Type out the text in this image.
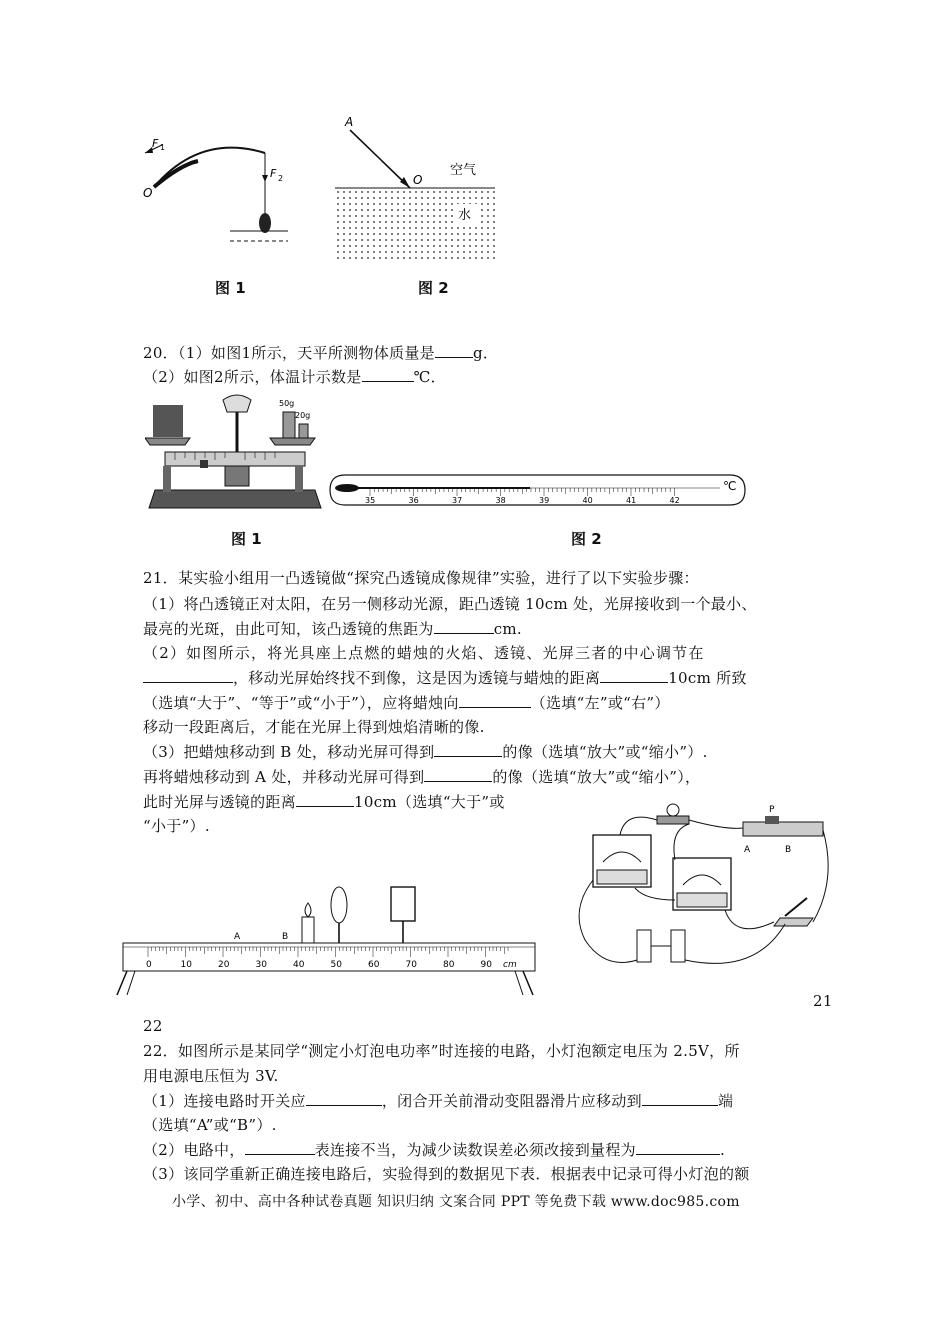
F 1
F 2
O
图 1
A
O
空气
水
图 2
20．（1）如图1所示，天平所测物体质量是	g．
（2）如图2所示，体温计示数是	℃．
50g
20g
图 1
35	36	37	38	39	40	41	42
℃
图 2
21．某实验小组用一凸透镜做“探究凸透镜成像规律”实验，进行了以下实验步骤：
（1）将凸透镜正对太阳，在另一侧移动光源，距凸透镜 10cm 处，光屏接收到一个最小、
最亮的光斑，由此可知，该凸透镜的焦距为	cm.
（2）如图所示，将光具座上点燃的蜡烛的火焰、透镜、光屏三者的中心调节在
，移动光屏始终找不到像，这是因为透镜与蜡烛的距离	10cm 所致
（选填“大于”、“等于”或“小于”），应将蜡烛向	（选填“左”或“右”）
移动一段距离后，才能在光屏上得到烛焰清晰的像.
（3）把蜡烛移动到 B 处，移动光屏可得到	的像（选填“放大”或“缩小”）.
再将蜡烛移动到 A 处，并移动光屏可得到	的像（选填“放大”或“缩小”），
此时光屏与透镜的距离	10cm（选填“大于”或
“小于”）.
0	10	20	30	40	50	60	70	80	90 cm
A	B
P
A	B
21
22
22．如图所示是某同学“测定小灯泡电功率”时连接的电路，小灯泡额定电压为 2.5V，所
用电源电压恒为 3V.
（1）连接电路时开关应	，闭合开关前滑动变阻器滑片应移动到	端
（选填“A”或“B”）.
（2）电路中，	表连接不当，为减少读数误差必须改接到量程为	.
（3）该同学重新正确连接电路后，实验得到的数据见下表．根据表中记录可得小灯泡的额
小学、初中、高中各种试卷真题 知识归纳 文案合同 PPT 等免费下载 www.doc985.com
